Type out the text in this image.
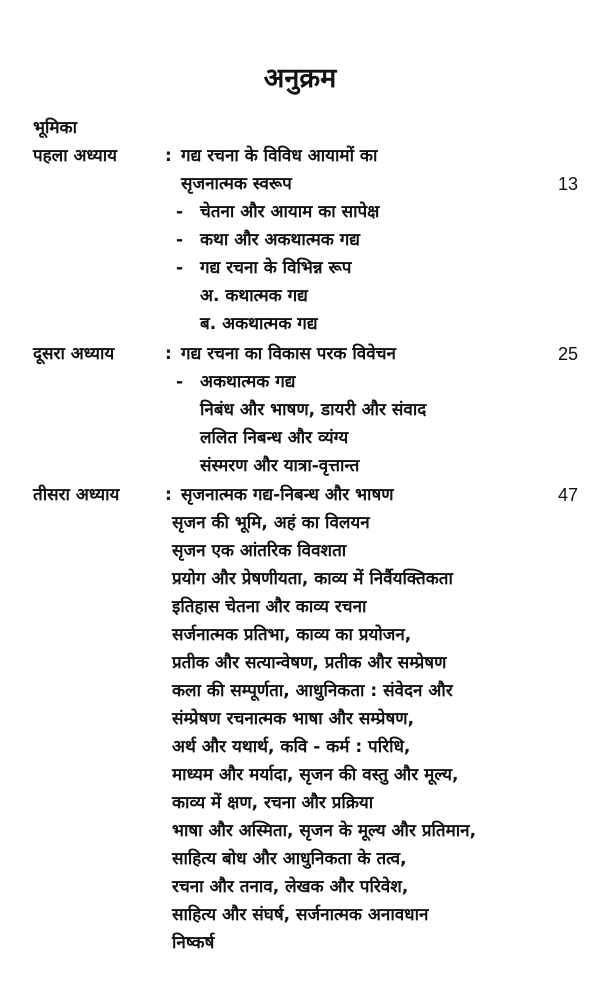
अनुक्रम
भूमिका
पहला अध्याय	: गद्य रचना के विविध आयामों का
सृजनात्मक स्वरूप	13
- चेतना और आयाम का सापेक्ष
- कथा और अकथात्मक गद्य
- गद्य रचना के विभिन्न रूप
अ. कथात्मक गद्य
ब. अकथात्मक गद्य
दूसरा अध्याय	: गद्य रचना का विकास परक विवेचन	25
- अकथात्मक गद्य
निबंध और भाषण, डायरी और संवाद
ललित निबन्ध और व्यंग्य
संस्मरण और यात्रा-वृत्तान्त
तीसरा अध्याय	: सृजनात्मक गद्य-निबन्ध और भाषण	47
सृजन की भूमि, अहं का विलयन
सृजन एक आंतरिक विवशता
प्रयोग और प्रेषणीयता, काव्य में निर्वैयक्तिकता
इतिहास चेतना और काव्य रचना
सर्जनात्मक प्रतिभा, काव्य का प्रयोजन,
प्रतीक और सत्यान्वेषण, प्रतीक और सम्प्रेषण
कला की सम्पूर्णता, आधुनिकता : संवेदन और
संम्प्रेषण रचनात्मक भाषा और सम्प्रेषण,
अर्थ और यथार्थ, कवि - कर्म : परिधि,
माध्यम और मर्यादा, सृजन की वस्तु और मूल्य,
काव्य में क्षण, रचना और प्रक्रिया
भाषा और अस्मिता, सृजन के मूल्य और प्रतिमान,
साहित्य बोध और आधुनिकता के तत्व,
रचना और तनाव, लेखक और परिवेश,
साहित्य और संघर्ष, सर्जनात्मक अनावधान
निष्कर्ष
